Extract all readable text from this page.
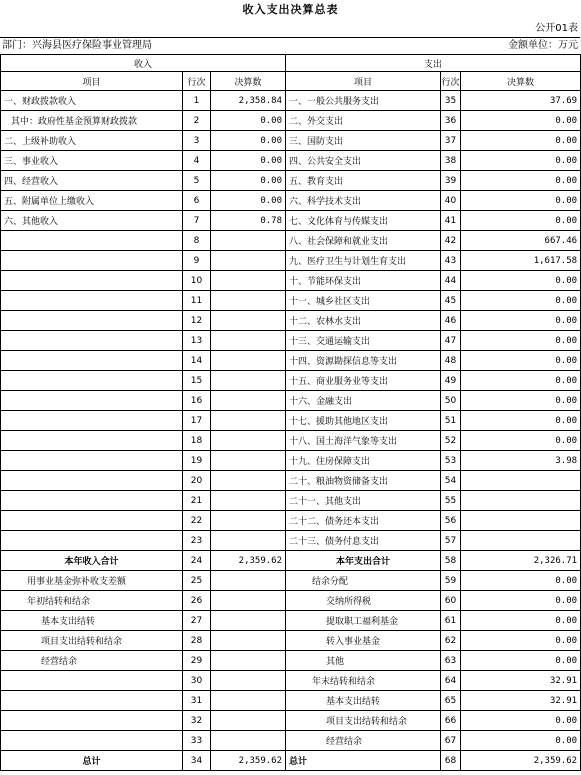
收入支出决算总表
公开01表
部门：兴海县医疗保险事业管理局	金额单位：万元
收入			支出		
项目	行次	决算数	项目	行次	决算数
一、财政拨款收入	1	2,358.84	一、一般公共服务支出	35	37.69
其中：政府性基金预算财政拨款	2	0.00	二、外交支出	36	0.00
二、上级补助收入	3	0.00	三、国防支出	37	0.00
三、事业收入	4	0.00	四、公共安全支出	38	0.00
四、经营收入	5	0.00	五、教育支出	39	0.00
五、附属单位上缴收入	6	0.00	六、科学技术支出	40	0.00
六、其他收入	7	0.78	七、文化体育与传媒支出	41	0.00
	8		八、社会保障和就业支出	42	667.46
	9		九、医疗卫生与计划生育支出	43	1,617.58
	10		十、节能环保支出	44	0.00
	11		十一、城乡社区支出	45	0.00
	12		十二、农林水支出	46	0.00
	13		十三、交通运输支出	47	0.00
	14		十四、资源勘探信息等支出	48	0.00
	15		十五、商业服务业等支出	49	0.00
	16		十六、金融支出	50	0.00
	17		十七、援助其他地区支出	51	0.00
	18		十八、国土海洋气象等支出	52	0.00
	19		十九、住房保障支出	53	3.98
	20		二十、粮油物资储备支出	54	
	21		二十一、其他支出	55	
	22		二十二、债务还本支出	56	
	23		二十三、债务付息支出	57	
本年收入合计	24	2,359.62	本年支出合计	58	2,326.71
用事业基金弥补收支差额	25		结余分配	59	0.00
年初结转和结余	26		交纳所得税	60	0.00
基本支出结转	27		提取职工福利基金	61	0.00
项目支出结转和结余	28		转入事业基金	62	0.00
经营结余	29		其他	63	0.00
	30		年末结转和结余	64	32.91
	31		基本支出结转	65	32.91
	32		项目支出结转和结余	66	0.00
	33		经营结余	67	0.00
总计	34	2,359.62	总计	68	2,359.62
